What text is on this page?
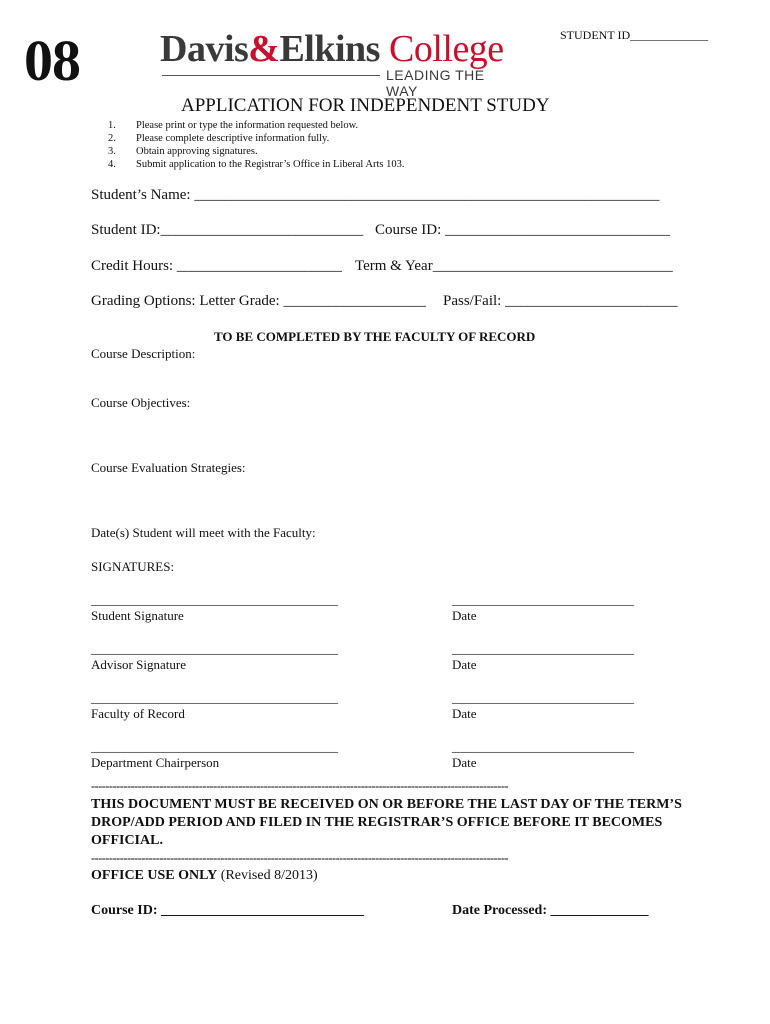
08	STUDENT ID_____________
Davis&Elkins College
LEADING THE WAY
APPLICATION FOR INDEPENDENT STUDY
1. Please print or type the information requested below.
2. Please complete descriptive information fully.
3. Obtain approving signatures.
4. Submit application to the Registrar’s Office in Liberal Arts 103.
Student’s Name: ______________________________________________________________
Student ID:___________________________ Course ID: ______________________________
Credit Hours: ______________________ Term & Year________________________________
Grading Options: Letter Grade: ___________________ Pass/Fail: _______________________
TO BE COMPLETED BY THE FACULTY OF RECORD
Course Description:
Course Objectives:
Course Evaluation Strategies:
Date(s) Student will meet with the Faculty:
SIGNATURES:
______________________________________	____________________________
Student Signature	Date
______________________________________	____________________________
Advisor Signature	Date
______________________________________	____________________________
Faculty of Record	Date
______________________________________	____________________________
Department Chairperson	Date
--------------------------------------------------------------------------------------------------------------------
THIS DOCUMENT MUST BE RECEIVED ON OR BEFORE THE LAST DAY OF THE TERM’S DROP/ADD PERIOD AND FILED IN THE REGISTRAR’S OFFICE BEFORE IT BECOMES OFFICIAL.
--------------------------------------------------------------------------------------------------------------------
OFFICE USE ONLY (Revised 8/2013)
Course ID: _____________________________	Date Processed: ______________
